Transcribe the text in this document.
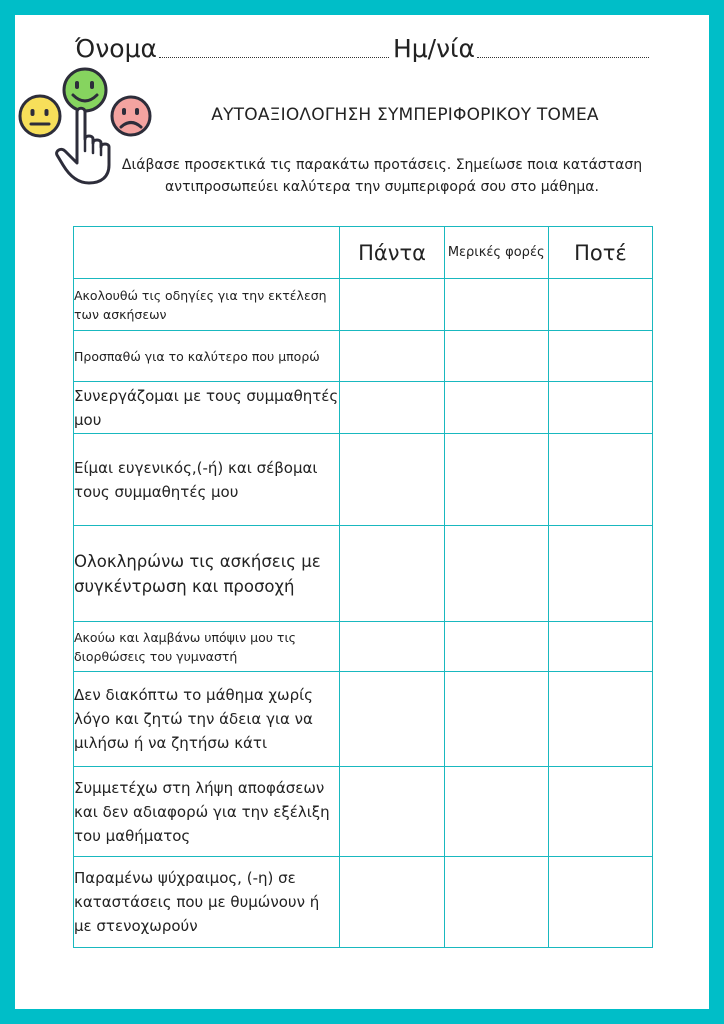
Όνομα	Ημ/νία
ΑΥΤΟΑΞΙΟΛΟΓΗΣΗ ΣΥΜΠΕΡΙΦΟΡΙΚΟΥ ΤΟΜΕΑ
Διάβασε προσεκτικά τις παρακάτω προτάσεις. Σημείωσε ποια κατάσταση αντιπροσωπεύει καλύτερα την συμπεριφορά σου στο μάθημα.
	Πάντα	Μερικές φορές	Ποτέ
Ακολουθώ τις οδηγίες για την εκτέλεση των ασκήσεων			
Προσπαθώ για το καλύτερο που μπορώ			
Συνεργάζομαι με τους συμμαθητές μου			
Είμαι ευγενικός,(-ή) και σέβομαι τους συμμαθητές μου			
Ολοκληρώνω τις ασκήσεις με συγκέντρωση και προσοχή			
Ακούω και λαμβάνω υπόψιν μου τις διορθώσεις του γυμναστή			
Δεν διακόπτω το μάθημα χωρίς λόγο και ζητώ την άδεια για να μιλήσω ή να ζητήσω κάτι			
Συμμετέχω στη λήψη αποφάσεων και δεν αδιαφορώ για την εξέλιξη του μαθήματος			
Παραμένω ψύχραιμος, (-η) σε καταστάσεις που με θυμώνουν ή με στενοχωρούν			
